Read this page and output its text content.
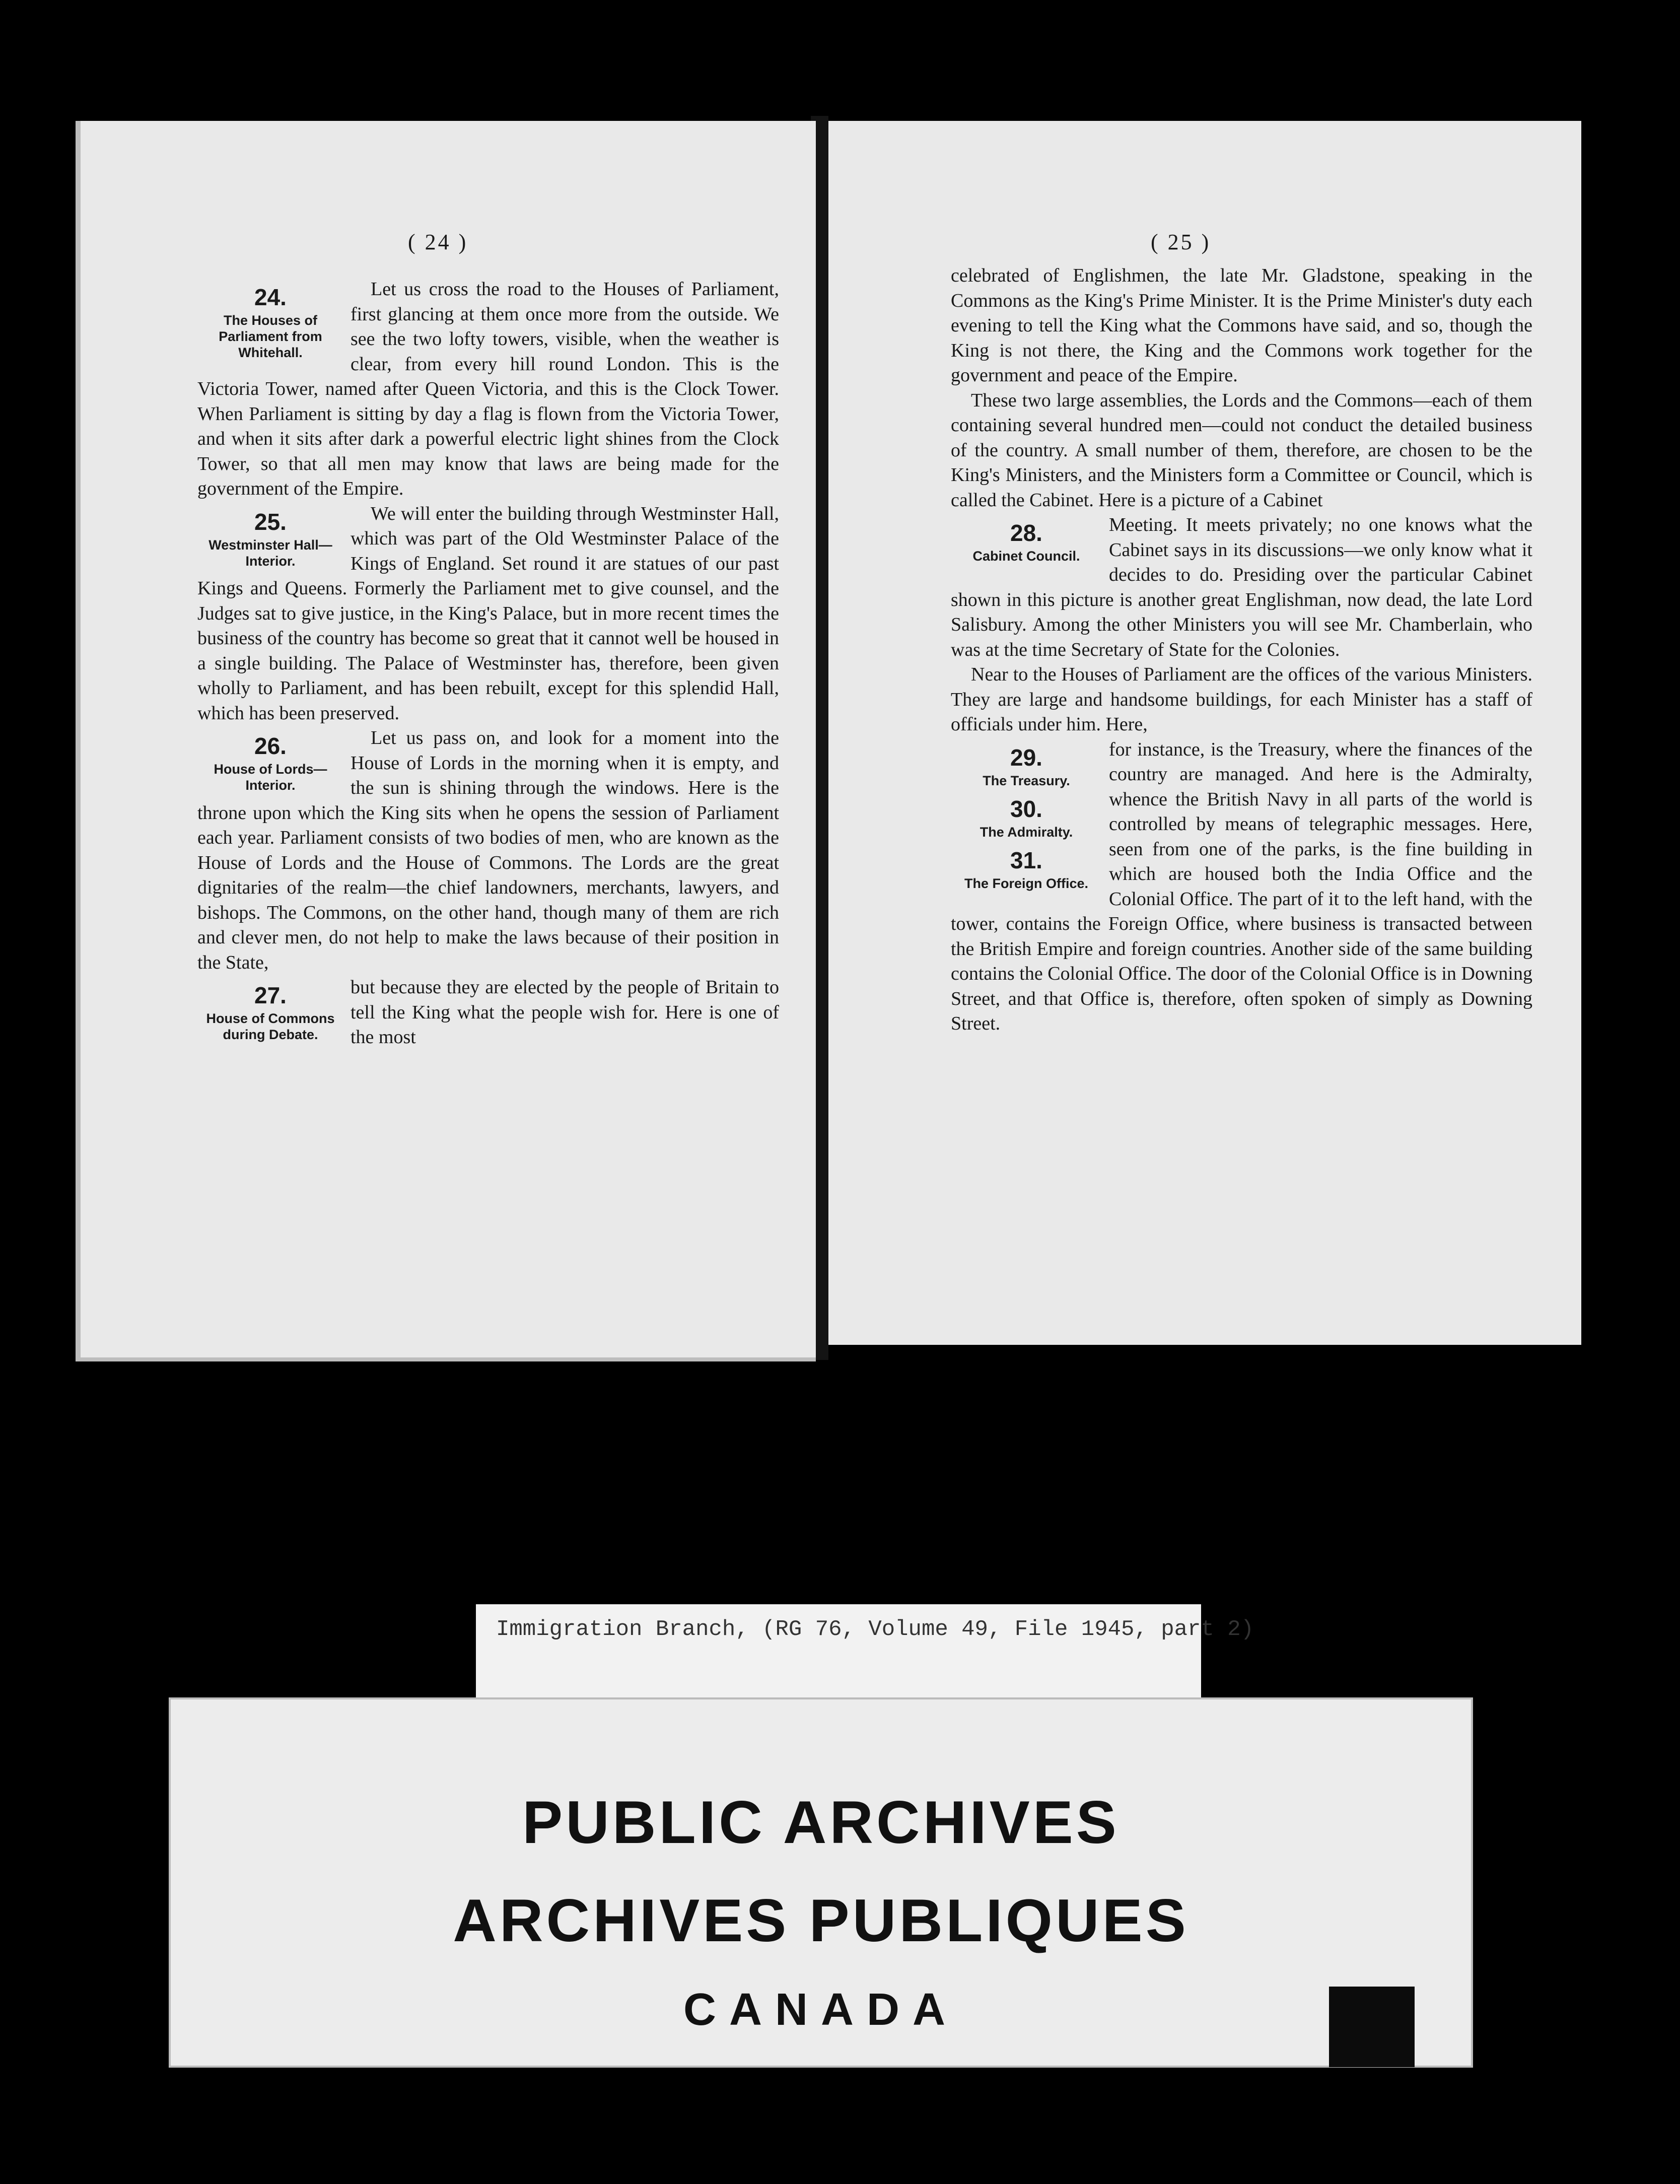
( 24 )
24.
The Houses of Parliament from Whitehall.

Let us cross the road to the Houses of Parliament, first glancing at them once more from the outside. We see the two lofty towers, visible, when the weather is clear, from every hill round London. This is the Victoria Tower, named after Queen Victoria, and this is the Clock Tower. When Parliament is sitting by day a flag is flown from the Victoria Tower, and when it sits after dark a powerful electric light shines from the Clock Tower, so that all men may know that laws are being made for the government of the Empire.

25.
Westminster Hall—Interior.

We will enter the building through Westminster Hall, which was part of the Old Westminster Palace of the Kings of England. Set round it are statues of our past Kings and Queens. Formerly the Parliament met to give counsel, and the Judges sat to give justice, in the King's Palace, but in more recent times the business of the country has become so great that it cannot well be housed in a single building. The Palace of Westminster has, therefore, been given wholly to Parliament, and has been rebuilt, except for this splendid Hall, which has been preserved.

26.
House of Lords—Interior.

Let us pass on, and look for a moment into the House of Lords in the morning when it is empty, and the sun is shining through the windows. Here is the throne upon which the King sits when he opens the session of Parliament each year. Parliament consists of two bodies of men, who are known as the House of Lords and the House of Commons. The Lords are the great dignitaries of the realm—the chief landowners, merchants, lawyers, and bishops. The Commons, on the other hand, though many of them are rich and clever men, do not help to make the laws because of their position in the State,

27.
House of Commons during Debate.

but because they are elected by the people of Britain to tell the King what the people wish for. Here is one of the most

( 25 )

celebrated of Englishmen, the late Mr. Gladstone, speaking in the Commons as the King's Prime Minister. It is the Prime Minister's duty each evening to tell the King what the Commons have said, and so, though the King is not there, the King and the Commons work together for the government and peace of the Empire.

These two large assemblies, the Lords and the Commons—each of them containing several hundred men—could not conduct the detailed business of the country. A small number of them, therefore, are chosen to be the King's Ministers, and the Ministers form a Committee or Council, which is called the Cabinet. Here is a picture of a Cabinet

28.
Cabinet Council.

Meeting. It meets privately; no one knows what the Cabinet says in its discussions—we only know what it decides to do. Presiding over the particular Cabinet shown in this picture is another great Englishman, now dead, the late Lord Salisbury. Among the other Ministers you will see Mr. Chamberlain, who was at the time Secretary of State for the Colonies.

Near to the Houses of Parliament are the offices of the various Ministers. They are large and handsome buildings, for each Minister has a staff of officials under him. Here,

29.
The Treasury.
30.
The Admiralty.
31.
The Foreign Office.

for instance, is the Treasury, where the finances of the country are managed. And here is the Admiralty, whence the British Navy in all parts of the world is controlled by means of telegraphic messages. Here, seen from one of the parks, is the fine building in which are housed both the India Office and the Colonial Office. The part of it to the left hand, with the tower, contains the Foreign Office, where business is transacted between the British Empire and foreign countries. Another side of the same building contains the Colonial Office. The door of the Colonial Office is in Downing Street, and that Office is, therefore, often spoken of simply as Downing Street.

Immigration Branch, (RG 76, Volume 49, File 1945, part 2)
PUBLIC ARCHIVES
ARCHIVES PUBLIQUES
CANADA
